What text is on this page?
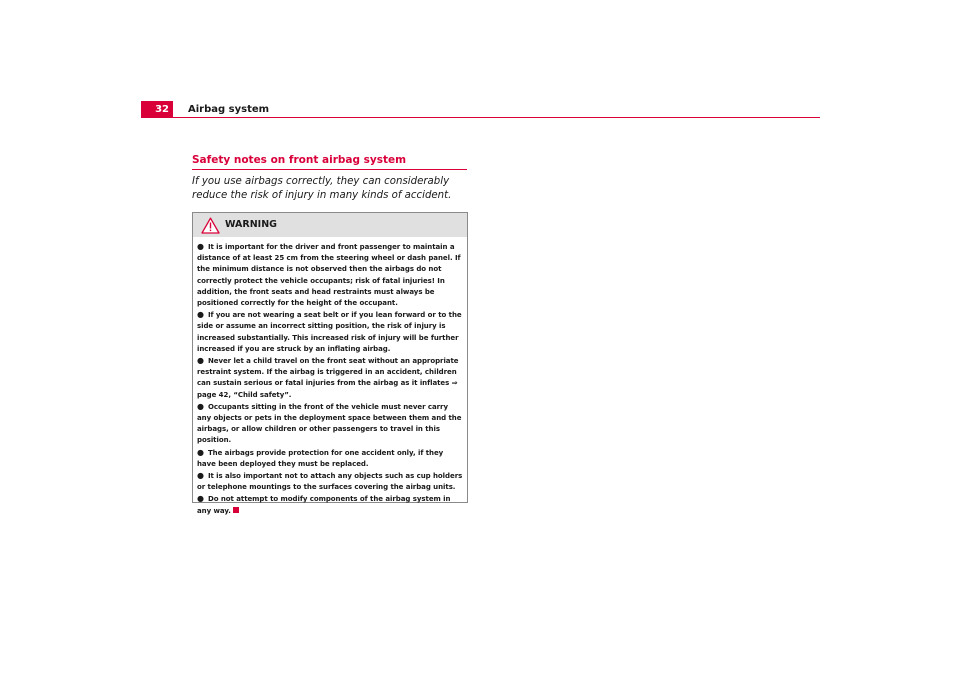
32	Airbag system
Safety notes on front airbag system
If you use airbags correctly, they can considerably reduce the risk of injury in many kinds of accident.
WARNING
● It is important for the driver and front passenger to maintain a distance of at least 25 cm from the steering wheel or dash panel. If the minimum distance is not observed then the airbags do not correctly protect the vehicle occupants; risk of fatal injuries! In addition, the front seats and head restraints must always be positioned correctly for the height of the occupant.
● If you are not wearing a seat belt or if you lean forward or to the side or assume an incorrect sitting position, the risk of injury is increased substantially. This increased risk of injury will be further increased if you are struck by an inflating airbag.
● Never let a child travel on the front seat without an appropriate restraint system. If the airbag is triggered in an accident, children can sustain serious or fatal injuries from the airbag as it inflates ⇒ page 42, “Child safety”.
● Occupants sitting in the front of the vehicle must never carry any objects or pets in the deployment space between them and the airbags, or allow children or other passengers to travel in this position.
● The airbags provide protection for one accident only, if they have been deployed they must be replaced.
● It is also important not to attach any objects such as cup holders or telephone mountings to the surfaces covering the airbag units.
● Do not attempt to modify components of the airbag system in any way.
